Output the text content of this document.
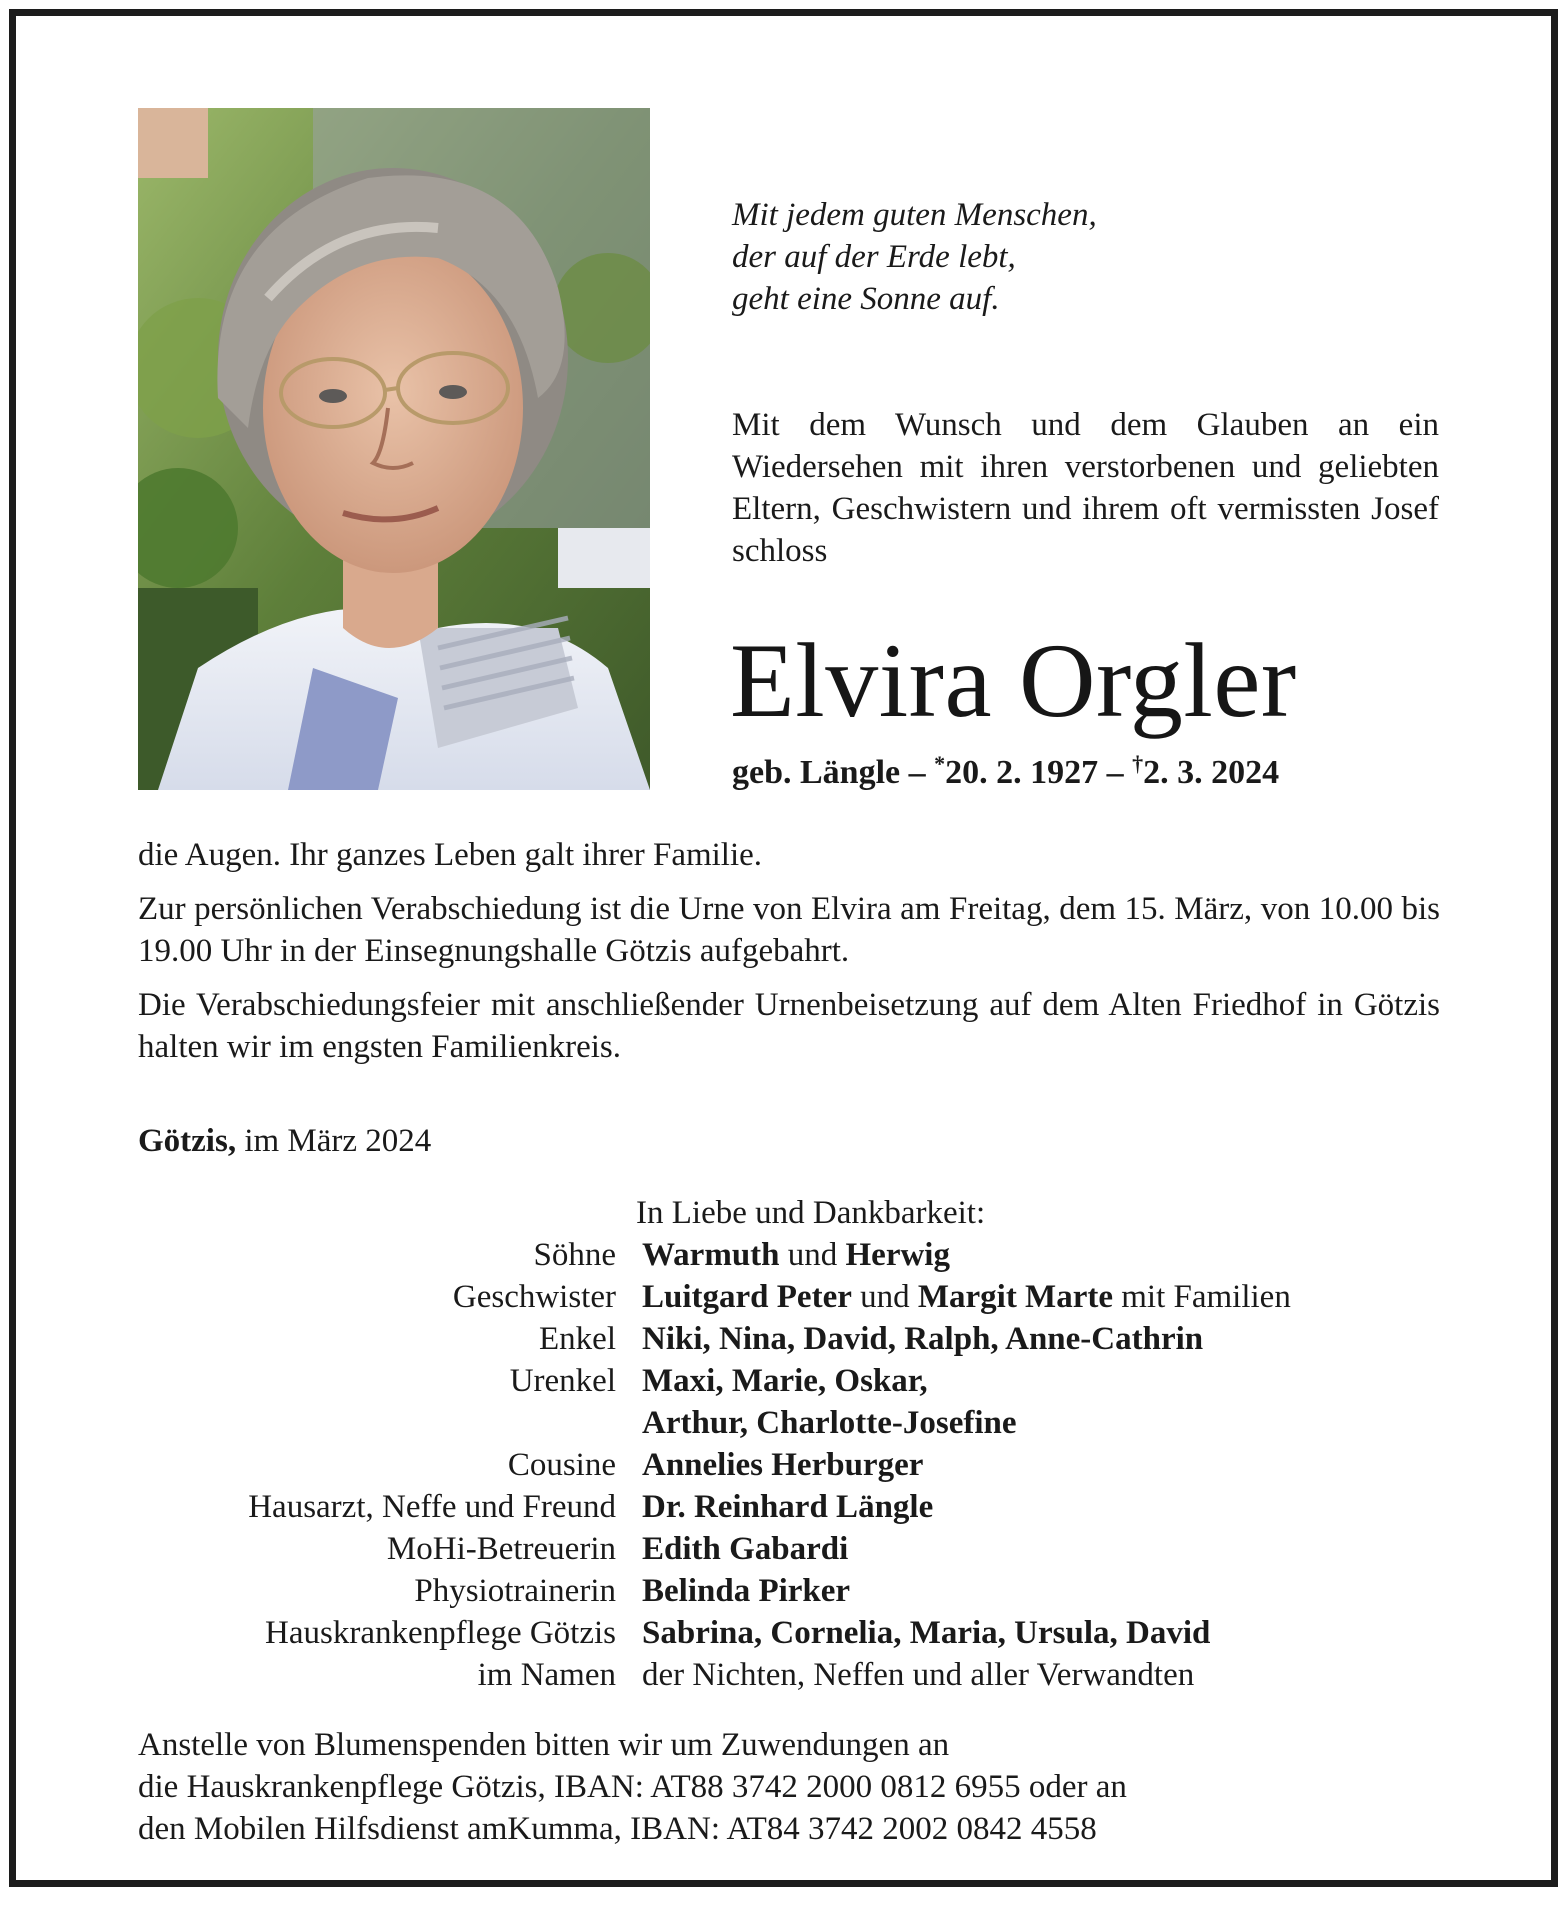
Mit jedem guten Menschen,
der auf der Erde lebt,
geht eine Sonne auf.
Mit dem Wunsch und dem Glauben an ein Wiedersehen mit ihren verstorbenen und geliebten Eltern, Geschwistern und ihrem oft vermissten Josef schloss
Elvira Orgler
geb. Längle – *20. 2. 1927 – †2. 3. 2024

die Augen. Ihr ganzes Leben galt ihrer Familie.

Zur persönlichen Verabschiedung ist die Urne von Elvira am Freitag, dem 15. März, von 10.00 bis 19.00 Uhr in der Einsegnungshalle Götzis aufgebahrt.

Die Verabschiedungsfeier mit anschließender Urnenbeisetzung auf dem Alten Friedhof in Götzis halten wir im engsten Familienkreis.

Götzis, im März 2024
In Liebe und Dankbarkeit:
Söhne Warmuth und Herwig
Geschwister Luitgard Peter und Margit Marte mit Familien
Enkel Niki, Nina, David, Ralph, Anne-Cathrin
Urenkel Maxi, Marie, Oskar,
Arthur, Charlotte-Josefine
Cousine Annelies Herburger
Hausarzt, Neffe und Freund Dr. Reinhard Längle
MoHi-Betreuerin Edith Gabardi
Physiotrainerin Belinda Pirker
Hauskrankenpflege Götzis Sabrina, Cornelia, Maria, Ursula, David
im Namen der Nichten, Neffen und aller Verwandten
Anstelle von Blumenspenden bitten wir um Zuwendungen an
die Hauskrankenpflege Götzis, IBAN: AT88 3742 2000 0812 6955 oder an
den Mobilen Hilfsdienst amKumma, IBAN: AT84 3742 2002 0842 4558
